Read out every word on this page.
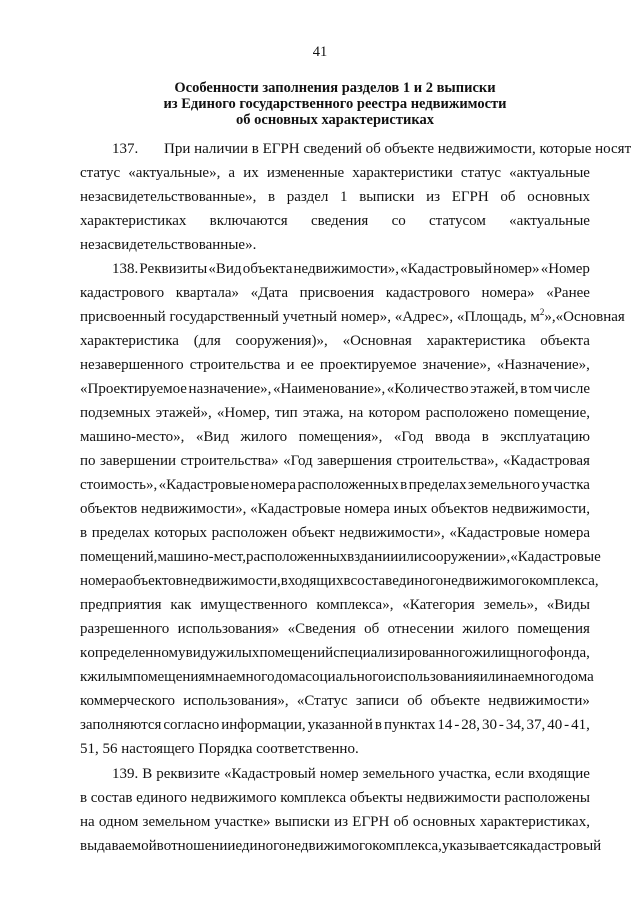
41
Особенности заполнения разделов 1 и 2 выписки
из Единого государственного реестра недвижимости
об основных характеристиках
137. При наличии в ЕГРН сведений об объекте недвижимости, которые носят
статус «актуальные», а их измененные характеристики статус «актуальные
незасвидетельствованные», в раздел 1 выписки из ЕГРН об основных
характеристиках включаются сведения со статусом «актуальные
незасвидетельствованные».
138. Реквизиты «Вид объекта недвижимости», «Кадастровый номер» «Номер
кадастрового квартала» «Дата присвоения кадастрового номера» «Ранее
присвоенный государственный учетный номер», «Адрес», «Площадь, $м^2$ », «Основная
характеристика (для сооружения)», «Основная характеристика объекта
незавершенного строительства и ее проектируемое значение», «Назначение»,
«Проектируемое назначение», «Наименование», «Количество этажей, в том числе
подземных этажей», «Номер, тип этажа, на котором расположено помещение,
машино-место», «Вид жилого помещения», «Год ввода в эксплуатацию
по завершении строительства» «Год завершения строительства», «Кадастровая
стоимость», «Кадастровые номера расположенных в пределах земельного участка
объектов недвижимости», «Кадастровые номера иных объектов недвижимости,
в пределах которых расположен объект недвижимости», «Кадастровые номера
помещений, машино-мест, расположенных в здании или сооружении», «Кадастровые
номера объектов недвижимости, входящих в состав единого недвижимого комплекса,
предприятия как имущественного комплекса», «Категория земель», «Виды
разрешенного использования» «Сведения об отнесении жилого помещения
к определенному виду жилых помещений специализированного жилищного фонда,
к жилым помещениям наемного дома социального использования или наемного дома
коммерческого использования», «Статус записи об объекте недвижимости»
заполняются согласно информации, указанной в пунктах 14 - 28, 30 - 34, 37, 40 - 41,
51, 56 настоящего Порядка соответственно.
139. В реквизите «Кадастровый номер земельного участка, если входящие
в состав единого недвижимого комплекса объекты недвижимости расположены
на одном земельном участке» выписки из ЕГРН об основных характеристиках,
выдаваемой в отношении единого недвижимого комплекса, указывается кадастровый
